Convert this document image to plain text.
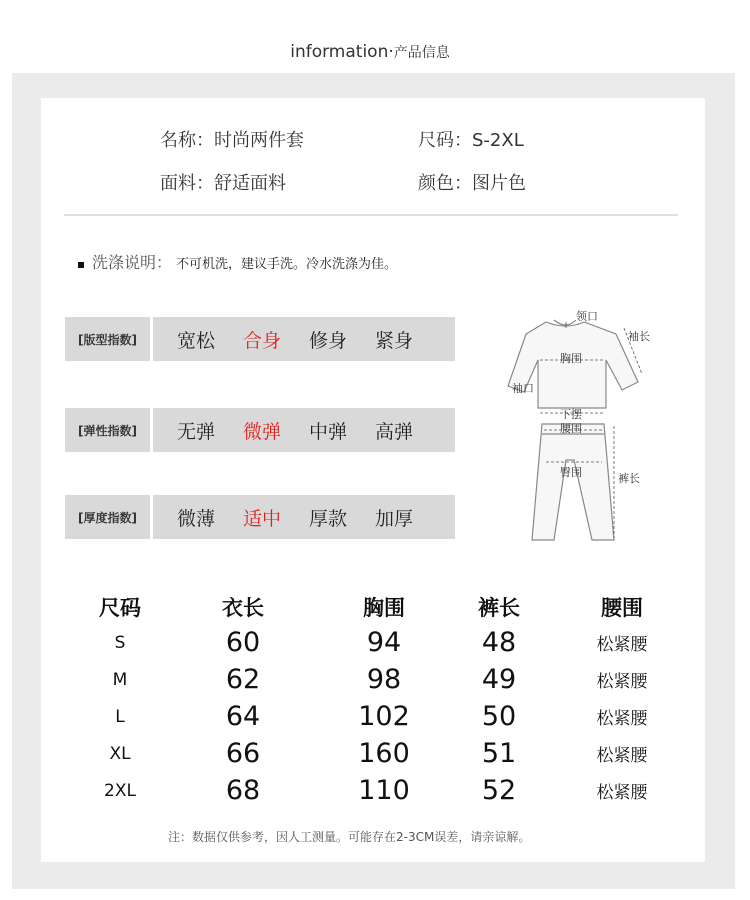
information·产品信息
名称：时尚两件套	尺码：S-2XL
面料：舒适面料	颜色：图片色
洗涤说明： 不可机洗，建议手洗。冷水洗涤为佳。
[版型指数]	宽松 合身 修身 紧身
[弹性指数]	无弹 微弹 中弹 高弹
[厚度指数]	微薄 适中 厚款 加厚
领口
袖长
胸围
袖口
下摆
腰围
臀围	裤长
尺码	衣长	胸围	裤长	腰围
S	60	94	48	松紧腰
M	62	98	49	松紧腰
L	64	102	50	松紧腰
XL	66	160	51	松紧腰
2XL	68	110	52	松紧腰
注：数据仅供参考，因人工测量。可能存在2-3CM误差，请亲谅解。
